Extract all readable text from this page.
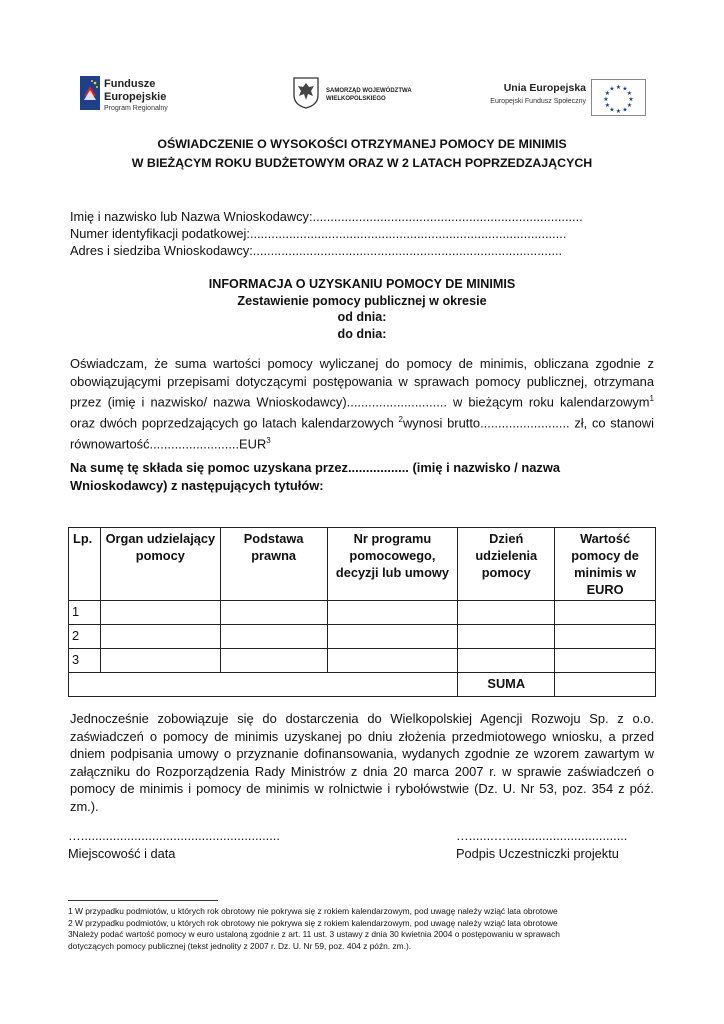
Fundusze
Europejskie
Program Regionalny
SAMORZĄD WOJEWÓDZTWA
WIELKOPOLSKIEGO
Unia Europejska
Europejski Fundusz Społeczny
★ ★
★
★
★
★
★
★
★
★
★
★
OŚWIADCZENIE O WYSOKOŚCI OTRZYMANEJ POMOCY DE MINIMIS
W BIEŻĄCYM ROKU BUDŻETOWYM ORAZ W 2 LATACH POPRZEDZAJĄCYCH
Imię i nazwisko lub Nazwa Wnioskodawcy:............................................................................
Numer identyfikacji podatkowej:.........................................................................................
Adres i siedziba Wnioskodawcy:.......................................................................................
INFORMACJA O UZYSKANIU POMOCY DE MINIMIS
Zestawienie pomocy publicznej w okresie
od dnia:
do dnia:
Oświadczam, że suma wartości pomocy wyliczanej do pomocy de minimis, obliczana zgodnie z obowiązującymi przepisami dotyczącymi postępowania w sprawach pomocy publicznej, otrzymana przez (imię i nazwisko/ nazwa Wnioskodawcy)............................ w bieżącym roku kalendarzowym$^1$ oraz dwóch poprzedzających go latach kalendarzowych $^2$wynosi brutto......................... zł, co stanowi równowartość.........................EUR$^3$
Na sumę tę składa się pomoc uzyskana przez................. (imię i nazwisko / nazwa Wnioskodawcy) z następujących tytułów:
Lp.	Organ udzielający pomocy	Podstawa prawna	Nr programu pomocowego, decyzji lub umowy	Dzień udzielenia pomocy	Wartość pomocy de minimis w EURO
1					
2					
3					
				SUMA	
Jednocześnie zobowiązuje się do dostarczenia do Wielkopolskiej Agencji Rozwoju Sp. z o.o. zaświadczeń o pomocy de minimis uzyskanej po dniu złożenia przedmiotowego wniosku, a przed dniem podpisania umowy o przyznanie dofinansowania, wydanych zgodnie ze wzorem zawartym w załączniku do Rozporządzenia Rady Ministrów z dnia 20 marca 2007 r. w sprawie zaświadczeń o pomocy de minimis i pomocy de minimis w rolnictwie i rybołówstwie (Dz. U. Nr 53, poz. 354 z póź. zm.).
…........................................................
Miejscowość i data
….......…..................................
Podpis Uczestniczki projektu
1 W przypadku podmiotów, u których rok obrotowy nie pokrywa się z rokiem kalendarzowym, pod uwagę należy wziąć lata obrotowe
2 W przypadku podmiotów, u których rok obrotowy nie pokrywa się z rokiem kalendarzowym, pod uwagę należy wziąć lata obrotowe
3Należy podać wartość pomocy w euro ustaloną zgodnie z art. 11 ust. 3 ustawy z dnia 30 kwietnia 2004 o postępowaniu w sprawach
dotyczących pomocy publicznej (tekst jednolity z 2007 r. Dz. U. Nr 59, poz. 404 z późn. zm.).
